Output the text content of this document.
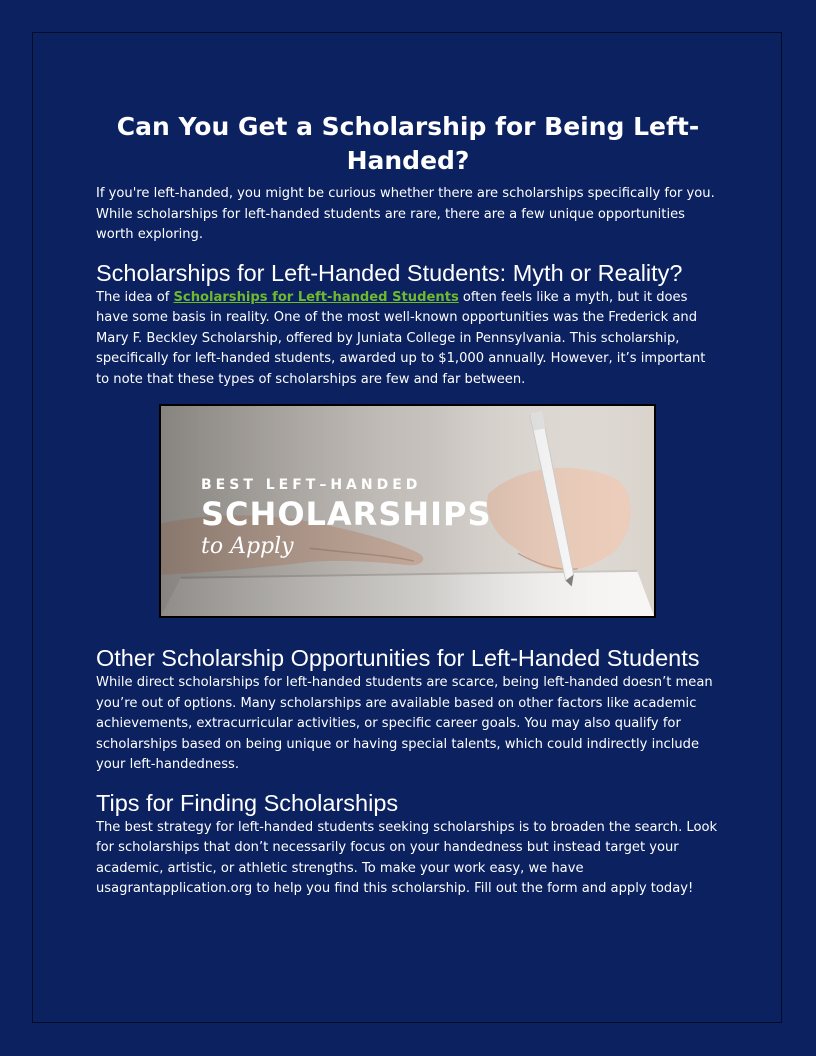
Can You Get a Scholarship for Being Left-Handed?

If you're left-handed, you might be curious whether there are scholarships specifically for you. While scholarships for left-handed students are rare, there are a few unique opportunities worth exploring.

Scholarships for Left-Handed Students: Myth or Reality?

The idea of Scholarships for Left-handed Students often feels like a myth, but it does have some basis in reality. One of the most well-known opportunities was the Frederick and Mary F. Beckley Scholarship, offered by Juniata College in Pennsylvania. This scholarship, specifically for left-handed students, awarded up to $1,000 annually. However, it’s important to note that these types of scholarships are few and far between.

BEST LEFT–HANDED
SCHOLARSHIPS
to Apply
Other Scholarship Opportunities for Left-Handed Students

While direct scholarships for left-handed students are scarce, being left-handed doesn’t mean you’re out of options. Many scholarships are available based on other factors like academic achievements, extracurricular activities, or specific career goals. You may also qualify for scholarships based on being unique or having special talents, which could indirectly include your left-handedness.

Tips for Finding Scholarships

The best strategy for left-handed students seeking scholarships is to broaden the search. Look for scholarships that don’t necessarily focus on your handedness but instead target your academic, artistic, or athletic strengths. To make your work easy, we have usagrantapplication.org to help you find this scholarship. Fill out the form and apply today!
